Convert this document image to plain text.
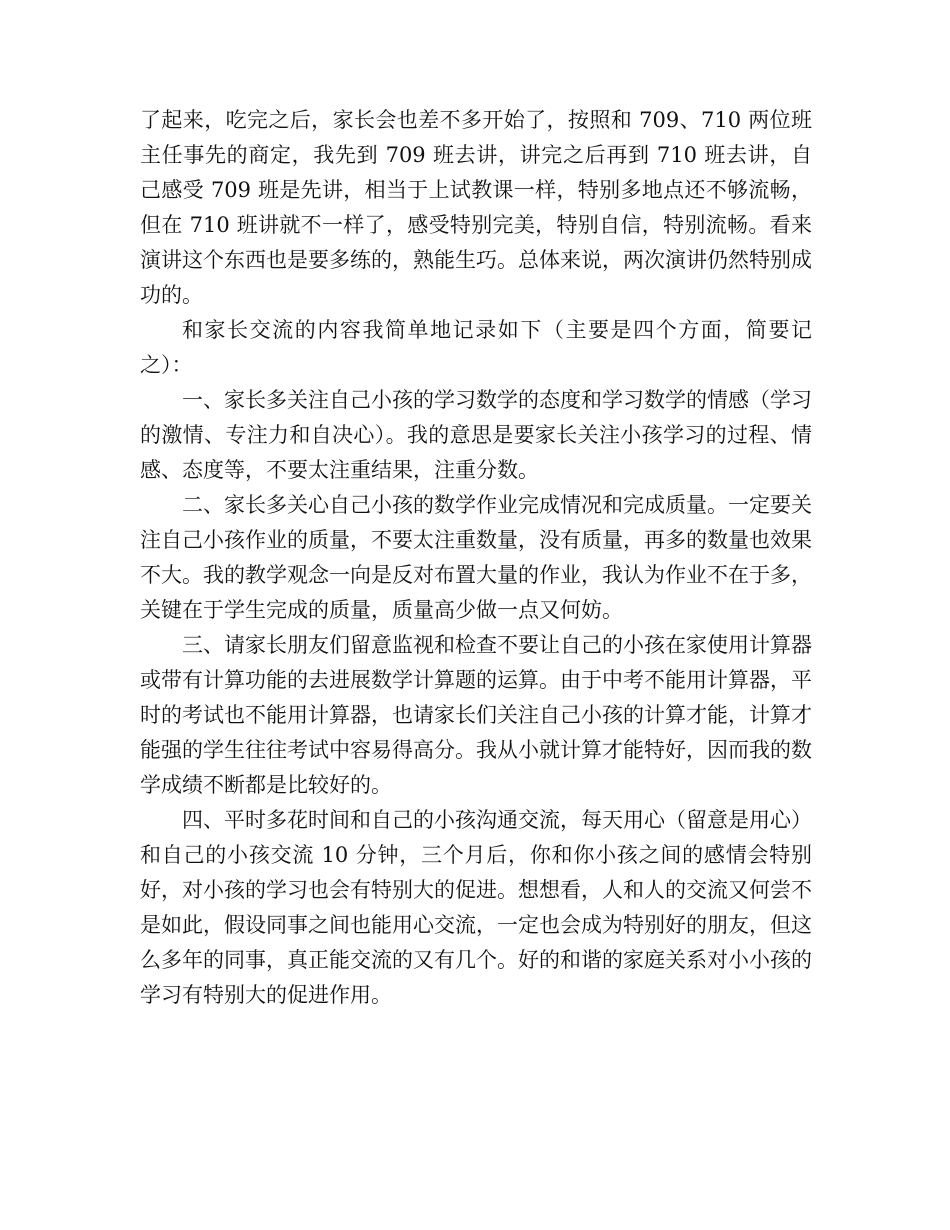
了起来，吃完之后，家长会也差不多开始了，按照和 709、710 两位班主任事先的商定，我先到 709 班去讲，讲完之后再到 710 班去讲，自己感受 709 班是先讲，相当于上试教课一样，特别多地点还不够流畅，但在 710 班讲就不一样了，感受特别完美，特别自信，特别流畅。看来演讲这个东西也是要多练的，熟能生巧。总体来说，两次演讲仍然特别成功的。

和家长交流的内容我简单地记录如下（主要是四个方面，简要记之）：

一、家长多关注自己小孩的学习数学的态度和学习数学的情感（学习的激情、专注力和自决心）。我的意思是要家长关注小孩学习的过程、情感、态度等，不要太注重结果，注重分数。

二、家长多关心自己小孩的数学作业完成情况和完成质量。一定要关注自己小孩作业的质量，不要太注重数量，没有质量，再多的数量也效果不大。我的教学观念一向是反对布置大量的作业，我认为作业不在于多，关键在于学生完成的质量，质量高少做一点又何妨。

三、请家长朋友们留意监视和检查不要让自己的小孩在家使用计算器或带有计算功能的去进展数学计算题的运算。由于中考不能用计算器，平时的考试也不能用计算器，也请家长们关注自己小孩的计算才能，计算才能强的学生往往考试中容易得高分。我从小就计算才能特好，因而我的数学成绩不断都是比较好的。

四、平时多花时间和自己的小孩沟通交流，每天用心（留意是用心）和自己的小孩交流 10 分钟，三个月后，你和你小孩之间的感情会特别好，对小孩的学习也会有特别大的促进。想想看，人和人的交流又何尝不是如此，假设同事之间也能用心交流，一定也会成为特别好的朋友，但这么多年的同事，真正能交流的又有几个。好的和谐的家庭关系对小小孩的学习有特别大的促进作用。
